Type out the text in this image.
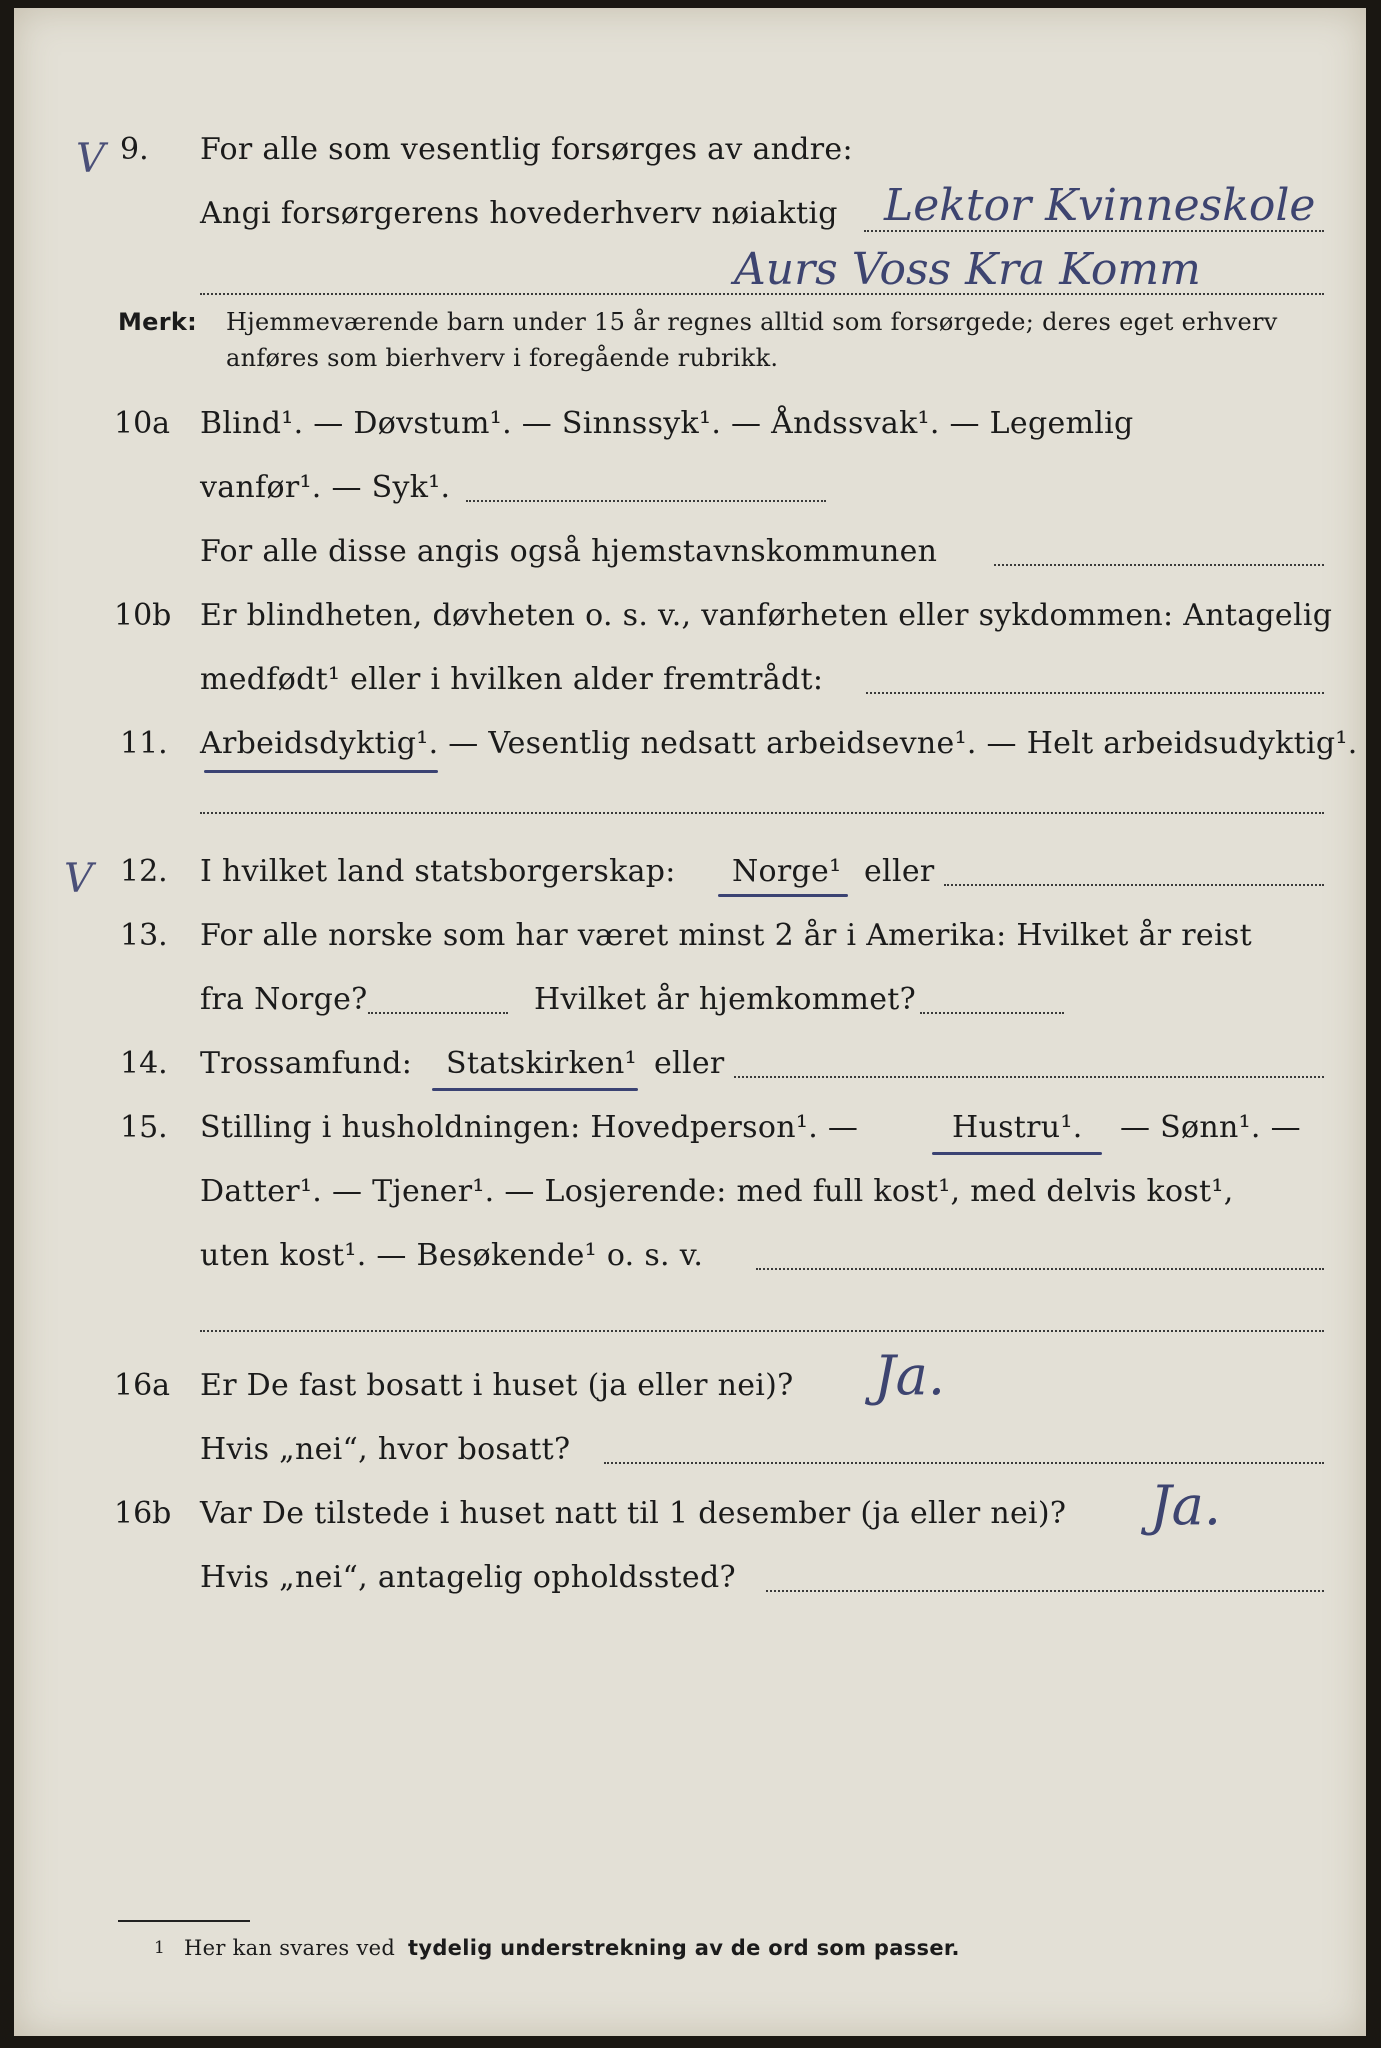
V
V
9. For alle som vesentlig forsørges av andre:
Angi forsørgerens hovederhverv nøiaktig Lektor Kvinneskole
Aurs Voss Kra Komm
Merk: Hjemmeværende barn under 15 år regnes alltid som forsørgede; deres eget erhverv
anføres som bierhverv i foregående rubrikk.
10a Blind¹. — Døvstum¹. — Sinnssyk¹. — Åndssvak¹. — Legemlig
vanfør¹. — Syk¹.
For alle disse angis også hjemstavnskommunen
10b Er blindheten, døvheten o. s. v., vanførheten eller sykdommen: Antagelig
medfødt¹ eller i hvilken alder fremtrådt:
11. Arbeidsdyktig¹. — Vesentlig nedsatt arbeidsevne¹. — Helt arbeidsudyktig¹.
12. I hvilket land statsborgerskap: Norge¹ eller
13. For alle norske som har været minst 2 år i Amerika: Hvilket år reist
fra Norge?	Hvilket år hjemkommet?
14. Trossamfund: Statskirken¹ eller
15. Stilling i husholdningen: Hovedperson¹. —	Hustru¹. — Sønn¹. —
Datter¹. — Tjener¹. — Losjerende: med full kost¹, med delvis kost¹,
uten kost¹. — Besøkende¹ o. s. v.
16a Er De fast bosatt i huset (ja eller nei)? Ja.
Hvis „nei“, hvor bosatt?
16b Var De tilstede i huset natt til 1 desember (ja eller nei)? Ja.
Hvis „nei“, antagelig opholdssted?
1 Her kan svares ved tydelig understrekning av de ord som passer.
